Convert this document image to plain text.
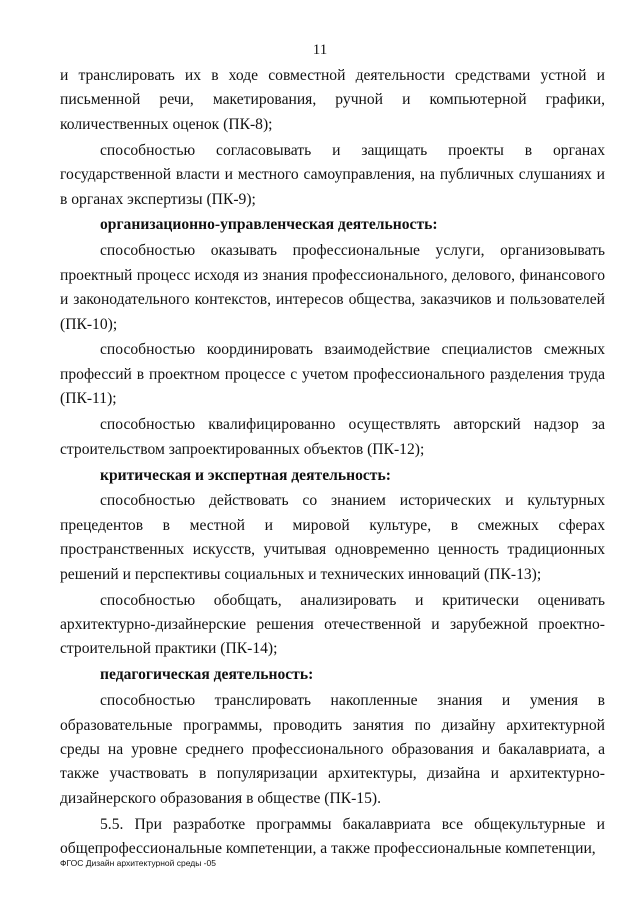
11

и транслировать их в ходе совместной деятельности средствами устной и письменной речи, макетирования, ручной и компьютерной графики, количественных оценок (ПК-8);

способностью согласовывать и защищать проекты в органах государственной власти и местного самоуправления, на публичных слушаниях и в органах экспертизы (ПК-9);

организационно-управленческая деятельность:

способностью оказывать профессиональные услуги, организовывать проектный процесс исходя из знания профессионального, делового, финансового и законодательного контекстов, интересов общества, заказчиков и пользователей (ПК-10);

способностью координировать взаимодействие специалистов смежных профессий в проектном процессе с учетом профессионального разделения труда (ПК-11);

способностью квалифицированно осуществлять авторский надзор за строительством запроектированных объектов (ПК-12);

критическая и экспертная деятельность:

способностью действовать со знанием исторических и культурных прецедентов в местной и мировой культуре, в смежных сферах пространственных искусств, учитывая одновременно ценность традиционных решений и перспективы социальных и технических инноваций (ПК-13);

способностью обобщать, анализировать и критически оценивать архитектурно-дизайнерские решения отечественной и зарубежной проектно-строительной практики (ПК-14);

педагогическая деятельность:

способностью транслировать накопленные знания и умения в образовательные программы, проводить занятия по дизайну архитектурной среды на уровне среднего профессионального образования и бакалавриата, а также участвовать в популяризации архитектуры, дизайна и архитектурно-дизайнерского образования в обществе (ПК-15).

5.5. При разработке программы бакалавриата все общекультурные и общепрофессиональные компетенции, а также профессиональные компетенции,

ФГОС Дизайн архитектурной среды -05
